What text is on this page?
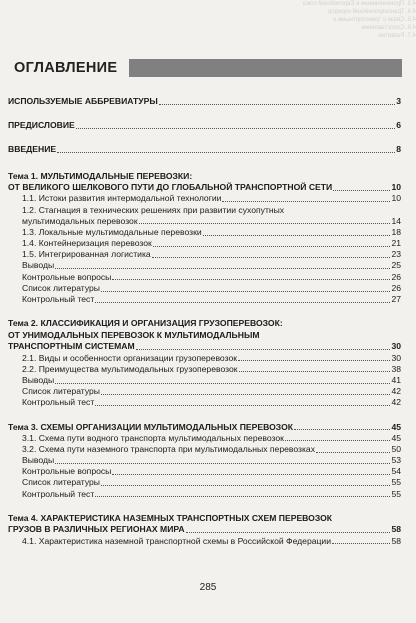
4.3. Проникновение в Европейский союз
4.4. Трансевропейский коридор
4.5. Связи с транспортными и
4.6. Сопоставление
4.7. Развитие
ОГЛАВЛЕНИЕ
ИСПОЛЬЗУЕМЫЕ АББРЕВИАТУРЫ	3
ПРЕДИСЛОВИЕ	6
ВВЕДЕНИЕ	8
Тема 1. МУЛЬТИМОДАЛЬНЫЕ ПЕРЕВОЗКИ:
ОТ ВЕЛИКОГО ШЕЛКОВОГО ПУТИ ДО ГЛОБАЛЬНОЙ ТРАНСПОРТНОЙ СЕТИ	10
1.1. Истоки развития интермодальной технологии	10
1.2. Стагнация в технических решениях при развитии сухопутных
мультимодальных перевозок	14
1.3. Локальные мультимодальные перевозки	18
1.4. Контейнеризация перевозок	21
1.5. Интегрированная логистика	23
Выводы	25
Контрольные вопросы	26
Список литературы	26
Контрольный тест	27
Тема 2. КЛАССИФИКАЦИЯ И ОРГАНИЗАЦИЯ ГРУЗОПЕРЕВОЗОК:
ОТ УНИМОДАЛЬНЫХ ПЕРЕВОЗОК К МУЛЬТИМОДАЛЬНЫМ
ТРАНСПОРТНЫМ СИСТЕМАМ	30
2.1. Виды и особенности организации грузоперевозок	30
2.2. Преимущества мультимодальных грузоперевозок	38
Выводы	41
Список литературы	42
Контрольный тест	42
Тема 3. СХЕМЫ ОРГАНИЗАЦИИ МУЛЬТИМОДАЛЬНЫХ ПЕРЕВОЗОК	45
3.1. Схема пути водного транспорта мультимодальных перевозок	45
3.2. Схема пути наземного транспорта при мультимодальных перевозках	50
Выводы	53
Контрольные вопросы	54
Список литературы	55
Контрольный тест	55
Тема 4. ХАРАКТЕРИСТИКА НАЗЕМНЫХ ТРАНСПОРТНЫХ СХЕМ ПЕРЕВОЗОК
ГРУЗОВ В РАЗЛИЧНЫХ РЕГИОНАХ МИРА	58
4.1. Характеристика наземной транспортной схемы в Российской Федерации	58
285
